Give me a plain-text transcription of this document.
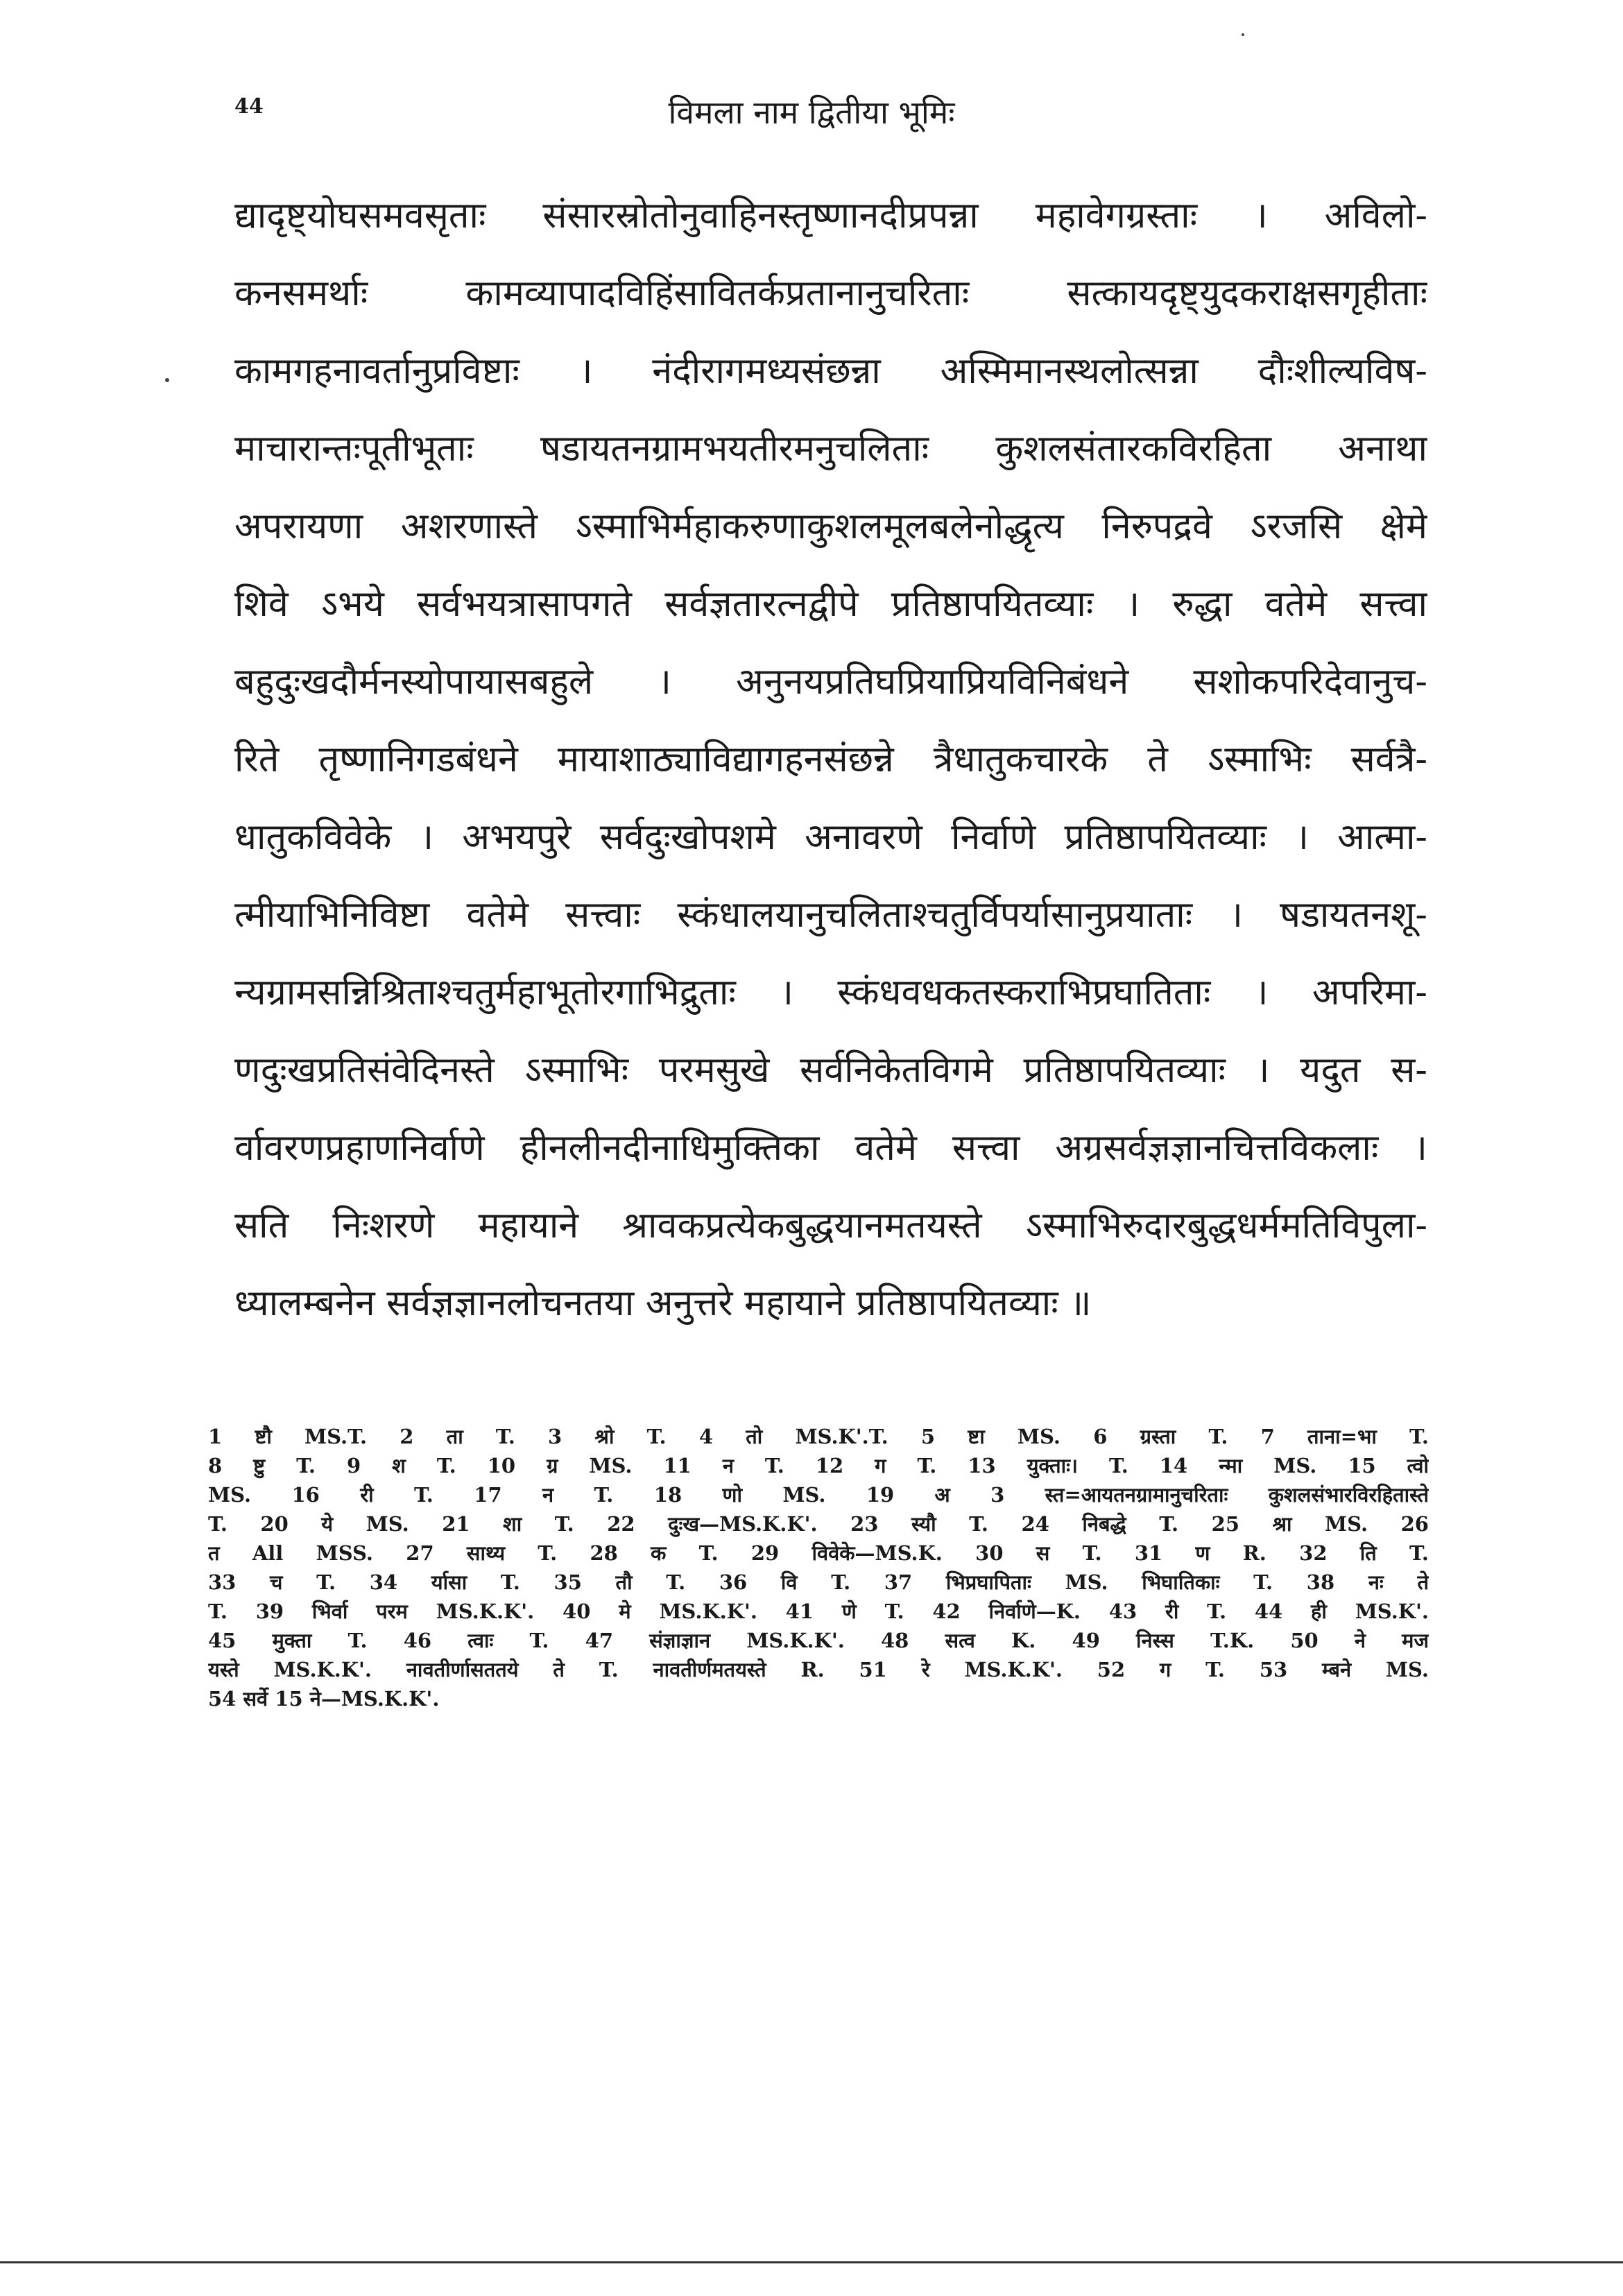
44	विमला नाम द्वितीया भूमिः
द्यादृष्ट्योघसमवसृताः संसारस्रोतोनुवाहिनस्तृष्णानदीप्रपन्ना महावेगग्रस्ताः । अविलो-
कनसमर्थाः कामव्यापादविहिंसावितर्कप्रतानानुचरिताः सत्कायदृष्ट्युदकराक्षसगृहीताः
कामगहनावर्तानुप्रविष्टाः । नंदीरागमध्यसंछन्ना अस्मिमानस्थलोत्सन्ना दौःशील्यविष-
माचारान्तःपूतीभूताः षडायतनग्रामभयतीरमनुचलिताः कुशलसंतारकविरहिता अनाथा
अपरायणा अशरणास्ते ऽस्माभिर्महाकरुणाकुशलमूलबलेनोद्धृत्य निरुपद्रवे ऽरजसि क्षेमे
शिवे ऽभये सर्वभयत्रासापगते सर्वज्ञतारत्नद्वीपे प्रतिष्ठापयितव्याः । रुद्धा वतेमे सत्त्वा
बहुदुःखदौर्मनस्योपायासबहुले । अनुनयप्रतिघप्रियाप्रियविनिबंधने सशोकपरिदेवानुच-
रिते तृष्णानिगडबंधने मायाशाठ्याविद्यागहनसंछन्ने त्रैधातुकचारके ते ऽस्माभिः सर्वत्रै-
धातुकविवेके । अभयपुरे सर्वदुःखोपशमे अनावरणे निर्वाणे प्रतिष्ठापयितव्याः । आत्मा-
त्मीयाभिनिविष्टा वतेमे सत्त्वाः स्कंधालयानुचलिताश्चतुर्विपर्यासानुप्रयाताः । षडायतनशू-
न्यग्रामसन्निश्रिताश्चतुर्महाभूतोरगाभिद्रुताः । स्कंधवधकतस्कराभिप्रघातिताः । अपरिमा-
णदुःखप्रतिसंवेदिनस्ते ऽस्माभिः परमसुखे सर्वनिकेतविगमे प्रतिष्ठापयितव्याः । यदुत स-
र्वावरणप्रहाणनिर्वाणे हीनलीनदीनाधिमुक्तिका वतेमे सत्त्वा अग्रसर्वज्ञज्ञानचित्तविकलाः ।
सति निःशरणे महायाने श्रावकप्रत्येकबुद्धयानमतयस्ते ऽस्माभिरुदारबुद्धधर्ममतिविपुला-
ध्यालम्बनेन सर्वज्ञज्ञानलोचनतया अनुत्तरे महायाने प्रतिष्ठापयितव्याः ॥
1 ष्टौ MS.T. 2 ता T. 3 श्रो T. 4 तो MS.K'.T. 5 ष्टा MS. 6 ग्रस्ता T. 7 ताना=भा T.
8 ष्टु T. 9 श T. 10 ग्र MS. 11 न T. 12 ग T. 13 युक्ताः। T. 14 न्मा MS. 15 त्वो
MS. 16 री T. 17 न T. 18 णो MS. 19 अ 3 स्त=आयतनग्रामानुचरिताः कुशलसंभारविरहितास्ते
T. 20 ये MS. 21 शा T. 22 दुःख—MS.K.K'. 23 स्यौ T. 24 निबद्धे T. 25 श्रा MS. 26
त All MSS. 27 साथ्य T. 28 क T. 29 विवेके—MS.K. 30 स T. 31 ण R. 32 ति T.
33 च T. 34 र्यासा T. 35 तौ T. 36 वि T. 37 भिप्रघापिताः MS. भिघातिकाः T. 38 नः ते
T. 39 भिर्वा परम MS.K.K'. 40 मे MS.K.K'. 41 णे T. 42 निर्वाणे—K. 43 री T. 44 ही MS.K'.
45 मुक्ता T. 46 त्वाः T. 47 संज्ञाज्ञान MS.K.K'. 48 सत्व K. 49 निस्स T.K. 50 ने मज
यस्ते MS.K.K'. नावतीर्णासततये ते T. नावतीर्णमतयस्ते R. 51 रे MS.K.K'. 52 ग T. 53 म्बने MS.
54 सर्वे 15 ने—MS.K.K'.
